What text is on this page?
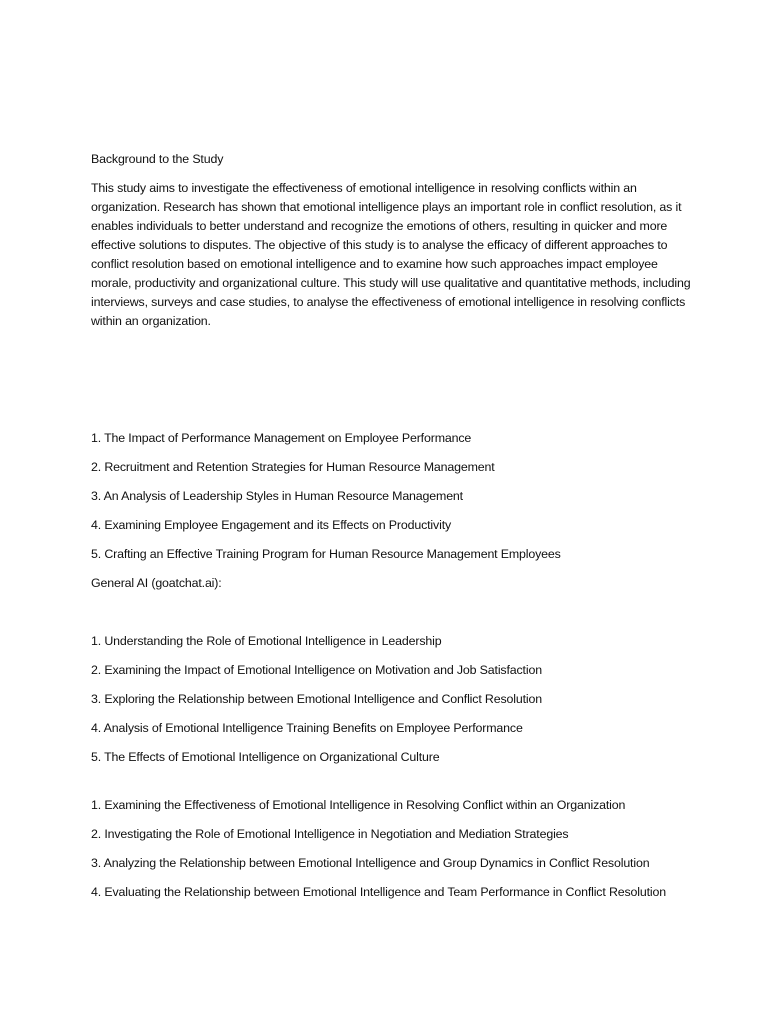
Background to the Study

This study aims to investigate the effectiveness of emotional intelligence in resolving conflicts within an organization. Research has shown that emotional intelligence plays an important role in conflict resolution, as it enables individuals to better understand and recognize the emotions of others, resulting in quicker and more effective solutions to disputes. The objective of this study is to analyse the efficacy of different approaches to conflict resolution based on emotional intelligence and to examine how such approaches impact employee morale, productivity and organizational culture. This study will use qualitative and quantitative methods, including interviews, surveys and case studies, to analyse the effectiveness of emotional intelligence in resolving conflicts within an organization.

1. The Impact of Performance Management on Employee Performance
2. Recruitment and Retention Strategies for Human Resource Management
3. An Analysis of Leadership Styles in Human Resource Management
4. Examining Employee Engagement and its Effects on Productivity
5. Crafting an Effective Training Program for Human Resource Management Employees

General AI (goatchat.ai):

1. Understanding the Role of Emotional Intelligence in Leadership
2. Examining the Impact of Emotional Intelligence on Motivation and Job Satisfaction
3. Exploring the Relationship between Emotional Intelligence and Conflict Resolution
4. Analysis of Emotional Intelligence Training Benefits on Employee Performance
5. The Effects of Emotional Intelligence on Organizational Culture
1. Examining the Effectiveness of Emotional Intelligence in Resolving Conflict within an Organization
2. Investigating the Role of Emotional Intelligence in Negotiation and Mediation Strategies
3. Analyzing the Relationship between Emotional Intelligence and Group Dynamics in Conflict Resolution
4. Evaluating the Relationship between Emotional Intelligence and Team Performance in Conflict Resolution
